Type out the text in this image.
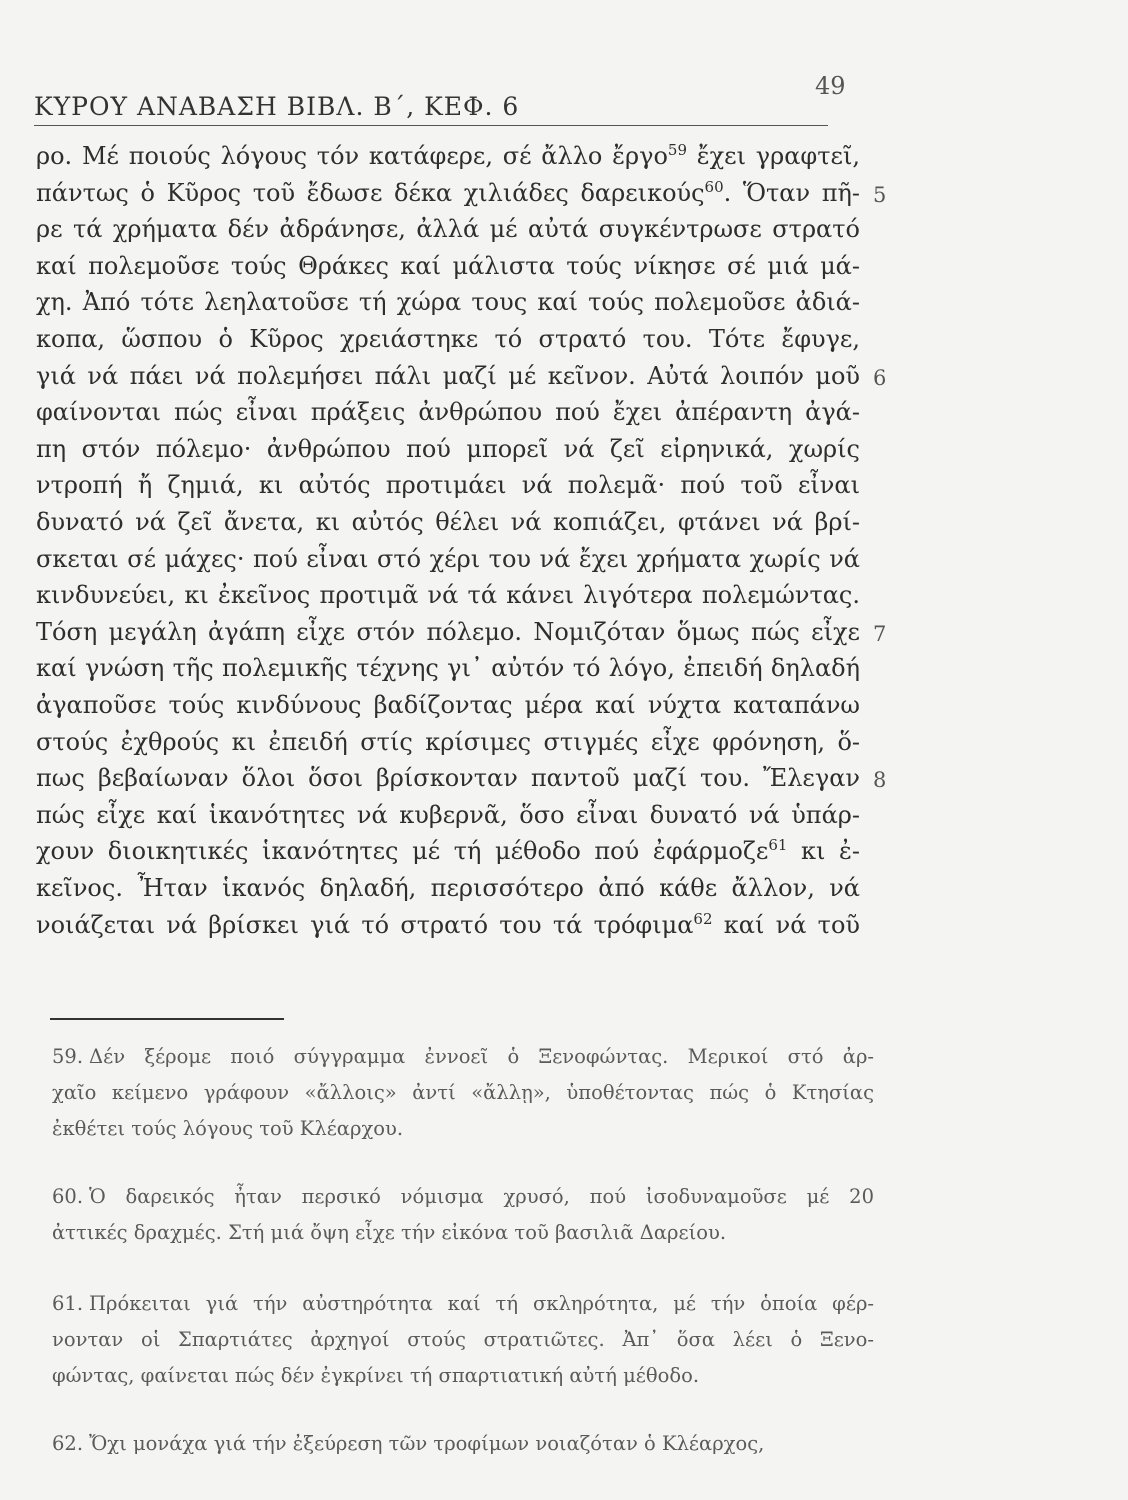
ΚΥΡΟΥ ΑΝΑΒΑΣΗ ΒΙΒΛ. Β΄, ΚΕΦ. 6
49
ρο. Μέ ποιούς λόγους τόν κατάφερε, σέ ἄλλο ἔργο$^{59}$ ἔχει γραφτεῖ,
πάντως ὁ Κῦρος τοῦ ἔδωσε δέκα χιλιάδες δαρεικούς$^{60}$. Ὅταν πῆ-
ρε τά χρήματα δέν ἀδράνησε, ἀλλά μέ αὐτά συγκέντρωσε στρατό
καί πολεμοῦσε τούς Θράκες καί μάλιστα τούς νίκησε σέ μιά μά-
χη. Ἀπό τότε λεηλατοῦσε τή χώρα τους καί τούς πολεμοῦσε ἀδιά-
κοπα, ὥσπου ὁ Κῦρος χρειάστηκε τό στρατό του. Τότε ἔφυγε,
γιά νά πάει νά πολεμήσει πάλι μαζί μέ κεῖνον. Αὐτά λοιπόν μοῦ
φαίνονται πώς εἶναι πράξεις ἀνθρώπου πού ἔχει ἀπέραντη ἀγά-
πη στόν πόλεμο· ἀνθρώπου πού μπορεῖ νά ζεῖ εἰρηνικά, χωρίς
ντροπή ἤ ζημιά, κι αὐτός προτιμάει νά πολεμᾶ· πού τοῦ εἶναι
δυνατό νά ζεῖ ἄνετα, κι αὐτός θέλει νά κοπιάζει, φτάνει νά βρί-
σκεται σέ μάχες· πού εἶναι στό χέρι του νά ἔχει χρήματα χωρίς νά
κινδυνεύει, κι ἐκεῖνος προτιμᾶ νά τά κάνει λιγότερα πολεμώντας.
Τόση μεγάλη ἀγάπη εἶχε στόν πόλεμο. Νομιζόταν ὅμως πώς εἶχε
καί γνώση τῆς πολεμικῆς τέχνης γι᾽ αὐτόν τό λόγο, ἐπειδή δηλαδή
ἀγαποῦσε τούς κινδύνους βαδίζοντας μέρα καί νύχτα καταπάνω
στούς ἐχθρούς κι ἐπειδή στίς κρίσιμες στιγμές εἶχε φρόνηση, ὅ-
πως βεβαίωναν ὅλοι ὅσοι βρίσκονταν παντοῦ μαζί του. Ἔλεγαν
πώς εἶχε καί ἱκανότητες νά κυβερνᾶ, ὅσο εἶναι δυνατό νά ὑπάρ-
χουν διοικητικές ἱκανότητες μέ τή μέθοδο πού ἐφάρμοζε$^{61}$ κι ἐ-
κεῖνος. Ἦταν ἱκανός δηλαδή, περισσότερο ἀπό κάθε ἄλλον, νά
νοιάζεται νά βρίσκει γιά τό στρατό του τά τρόφιμα$^{62}$ καί νά τοῦ
5
6
7
8
59. Δέν ξέρομε ποιό σύγγραμμα ἐννοεῖ ὁ Ξενοφώντας. Μερικοί στό ἀρ-
χαῖο κείμενο γράφουν «ἄλλοις» ἀντί «ἄλλῃ», ὑποθέτοντας πώς ὁ Κτησίας
ἐκθέτει τούς λόγους τοῦ Κλέαρχου.
60. Ὁ δαρεικός ἦταν περσικό νόμισμα χρυσό, πού ἰσοδυναμοῦσε μέ 20
ἀττικές δραχμές. Στή μιά ὄψη εἶχε τήν εἰκόνα τοῦ βασιλιᾶ Δαρείου.
61. Πρόκειται γιά τήν αὐστηρότητα καί τή σκληρότητα, μέ τήν ὁποία φέρ-
νονταν οἱ Σπαρτιάτες ἀρχηγοί στούς στρατιῶτες. Ἀπ᾽ ὅσα λέει ὁ Ξενο-
φώντας, φαίνεται πώς δέν ἐγκρίνει τή σπαρτιατική αὐτή μέθοδο.
62. Ὄχι μονάχα γιά τήν ἐξεύρεση τῶν τροφίμων νοιαζόταν ὁ Κλέαρχος,
